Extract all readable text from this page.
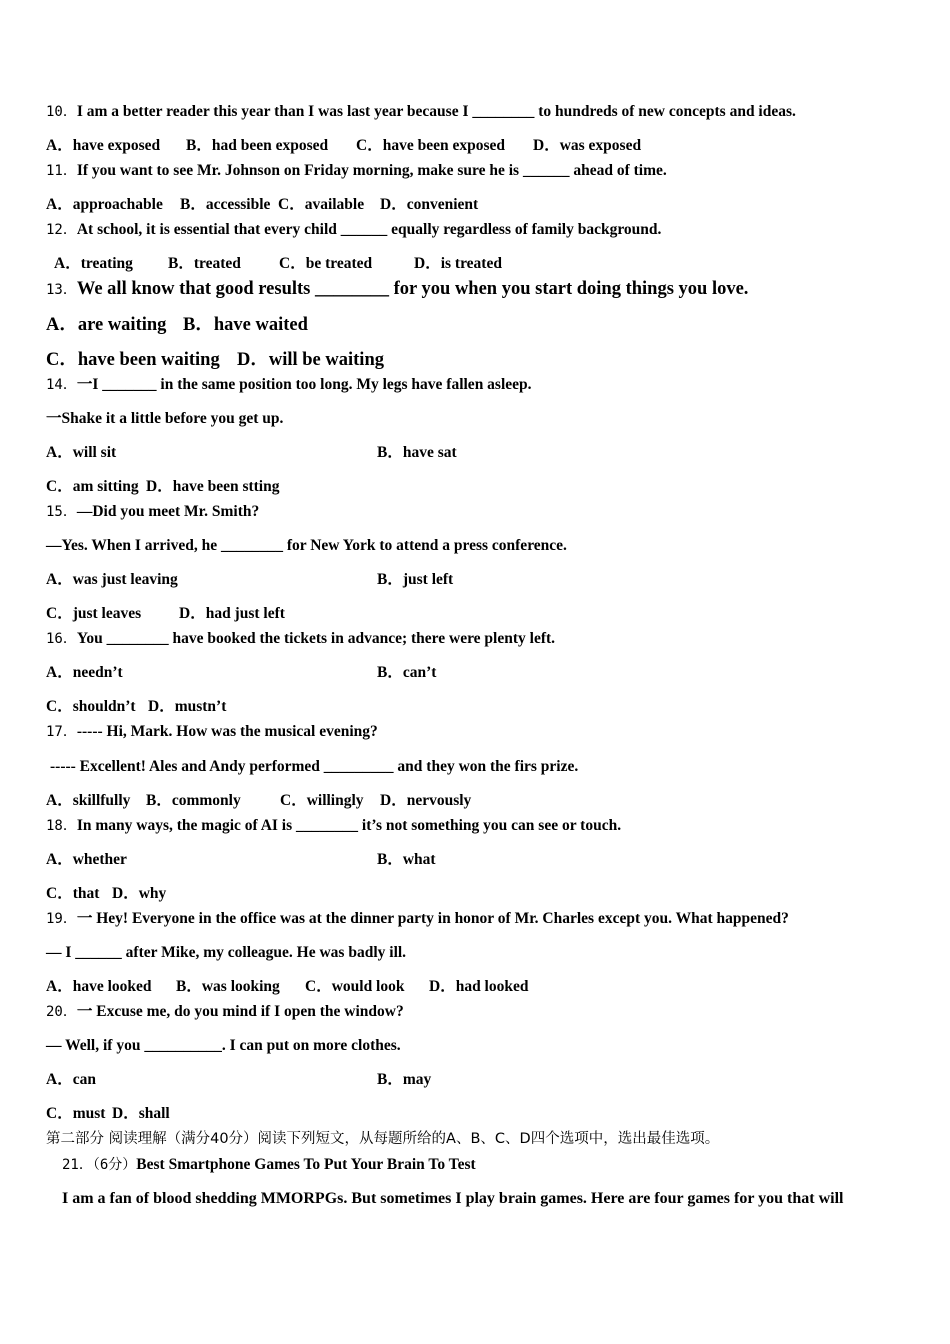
10．I am a better reader this year than I was last year because I ________ to hundreds of new concepts and ideas.
A．have exposed B．had been exposed C．have been exposed D．was exposed
11．If you want to see Mr. Johnson on Friday morning, make sure he is ______ ahead of time.
A．approachable B．accessible C．available D．convenient
12．At school, it is essential that every child ______ equally regardless of family background.
A．treating B．treated C．be treated	D．is treated
13．We all know that good results ________ for you when you start doing things you love.
A．are waiting B．have waited
C．have been waiting D．will be waiting
14．一I _______ in the same position too long. My legs have fallen asleep.
一Shake it a little before you get up.
A．will sit	B．have sat
C．am sitting D．have been stting
15．—Did you meet Mr. Smith?
—Yes. When I arrived, he ________ for New York to attend a press conference.
A．was just leaving	B．just left
C．just leaves D．had just left
16．You ________ have booked the tickets in advance; there were plenty left.
A．needn’t	B．can’t
C．shouldn’t D．mustn’t
17．----- Hi, Mark. How was the musical evening?
----- Excellent! Ales and Andy performed _________ and they won the firs prize.
A．skillfully B．commonly	C．willingly D．nervously
18．In many ways, the magic of AI is ________ it’s not something you can see or touch.
A．whether	B．what
C．that D．why
19．一 Hey! Everyone in the office was at the dinner party in honor of Mr. Charles except you. What happened?
— I ______ after Mike, my colleague. He was badly ill.
A．have looked B．was looking C．would look D．had looked
20．一 Excuse me, do you mind if I open the window?
— Well, if you __________. I can put on more clothes.
A．can	B．may
C．must D．shall
第二部分 阅读理解（满分40分）阅读下列短文，从每题所给的A、B、C、D四个选项中，选出最佳选项。
21．（6分）Best Smartphone Games To Put Your Brain To Test
I am a fan of blood shedding MMORPGs. But sometimes I play brain games. Here are four games for you that will
